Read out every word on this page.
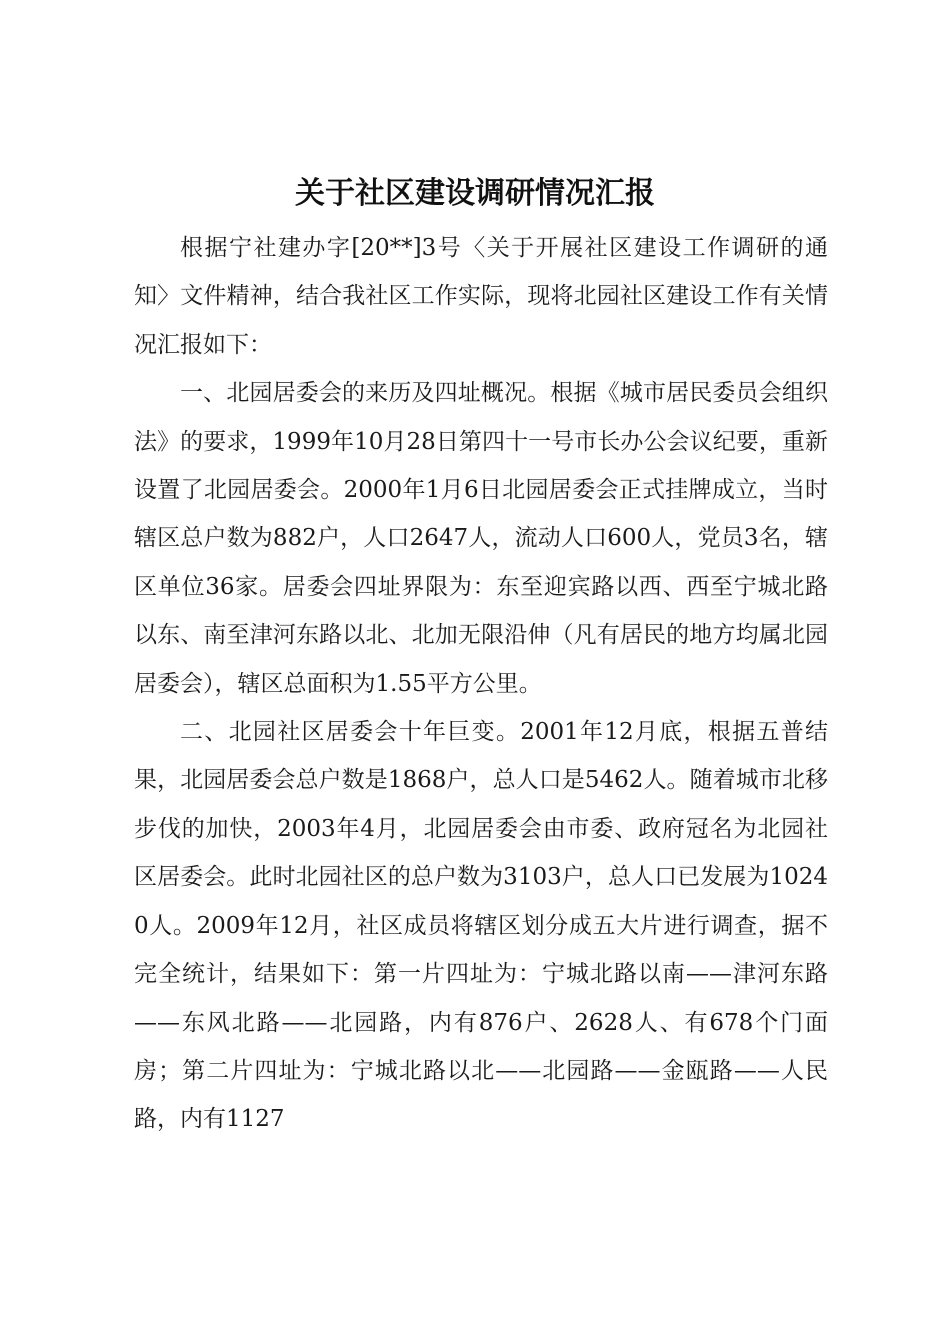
关于社区建设调研情况汇报

根据宁社建办字[20**]3号〈关于开展社区建设工作调研的通知〉文件精神，结合我社区工作实际，现将北园社区建设工作有关情况汇报如下：

一、北园居委会的来历及四址概况。根据《城市居民委员会组织法》的要求，1999年10月28日第四十一号市长办公会议纪要，重新设置了北园居委会。2000年1月6日北园居委会正式挂牌成立，当时辖区总户数为882户，人口2647人，流动人口600人，党员3名，辖区单位36家。居委会四址界限为：东至迎宾路以西、西至宁城北路以东、南至津河东路以北、北加无限沿伸（凡有居民的地方均属北园居委会），辖区总面积为1.55平方公里。

二、北园社区居委会十年巨变。2001年12月底，根据五普结果，北园居委会总户数是1868户，总人口是5462人。随着城市北移步伐的加快，2003年4月，北园居委会由市委、政府冠名为北园社区居委会。此时北园社区的总户数为3103户，总人口已发展为10240人。2009年12月，社区成员将辖区划分成五大片进行调查，据不完全统计，结果如下：第一片四址为：宁城北路以南——津河东路——东风北路——北园路，内有876户、2628人、有678个门面房；第二片四址为：宁城北路以北——北园路——金瓯路——人民路，内有1127
